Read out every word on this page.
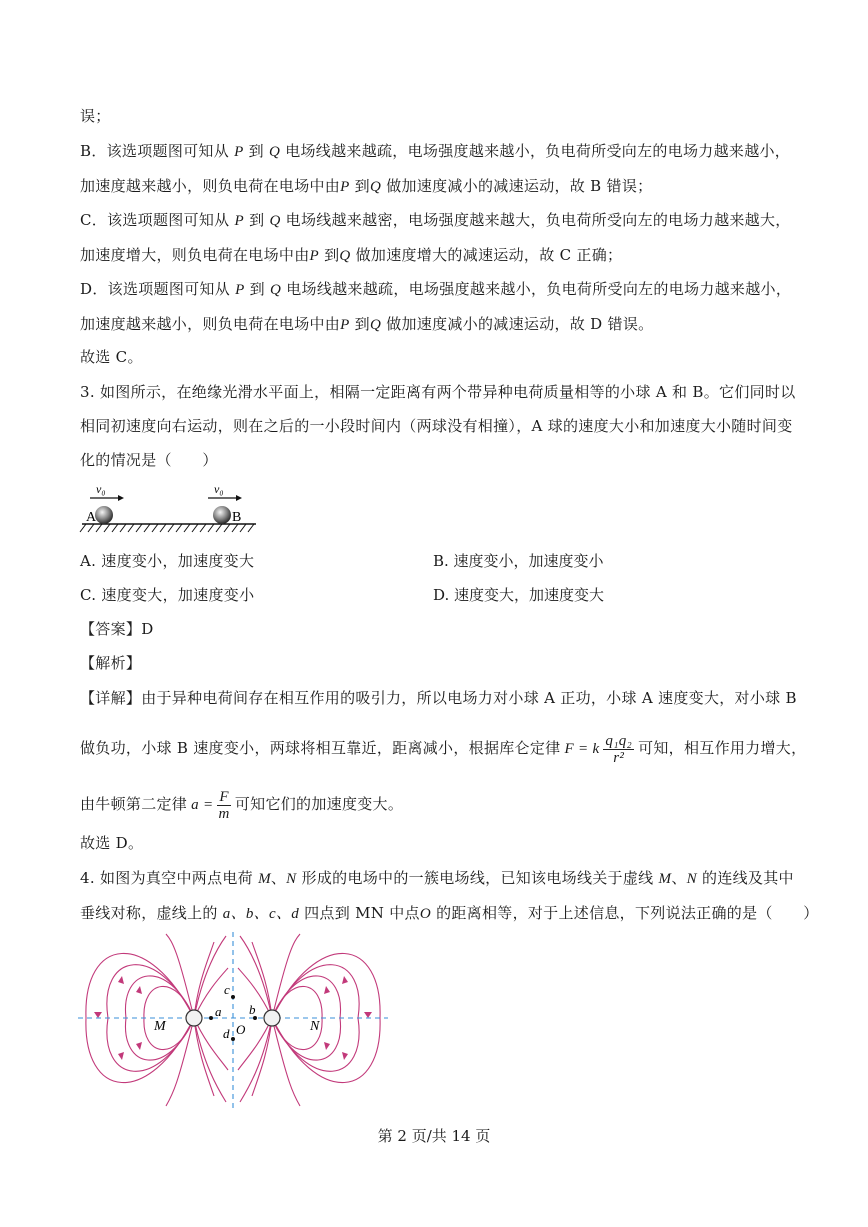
误；
B．该选项题图可知从 P 到 Q 电场线越来越疏，电场强度越来越小，负电荷所受向左的电场力越来越小，
加速度越来越小，则负电荷在电场中由P 到Q 做加速度减小的减速运动，故 B 错误；
C．该选项题图可知从 P 到 Q 电场线越来越密，电场强度越来越大，负电荷所受向左的电场力越来越大，
加速度增大，则负电荷在电场中由P 到Q 做加速度增大的减速运动，故 C 正确；
D．该选项题图可知从 P 到 Q 电场线越来越疏，电场强度越来越小，负电荷所受向左的电场力越来越小，
加速度越来越小，则负电荷在电场中由P 到Q 做加速度减小的减速运动，故 D 错误。
故选 C。
3. 如图所示，在绝缘光滑水平面上，相隔一定距离有两个带异种电荷质量相等的小球 A 和 B。它们同时以
相同初速度向右运动，则在之后的一小段时间内（两球没有相撞），A 球的速度大小和加速度大小随时间变
化的情况是（　　）
A	B
v₀	v₀
A. 速度变小，加速度变大	B. 速度变小，加速度变小
C. 速度变大，加速度变小	D. 速度变大，加速度变大
【答案】D
【解析】
【详解】由于异种电荷间存在相互作用的吸引力，所以电场力对小球 A 正功，小球 A 速度变大，对小球 B
做负功，小球 B 速度变小，两球将相互靠近，距离减小，根据库仑定律 F = k $\frac{\text{q₁q₂}}{\text{r²}}$ 可知，相互作用力增大，
由牛顿第二定律 $a = \frac{F}{m}$ 可知它们的加速度变大。
故选 D。
4. 如图为真空中两点电荷 M、N 形成的电场中的一簇电场线，已知该电场线关于虚线 M、N 的连线及其中
垂线对称，虚线上的 a、b、c、d 四点到 MN 中点O 的距离相等，对于上述信息，下列说法正确的是（　　）
M	N
a b
c
d O
第 2 页/共 14 页
